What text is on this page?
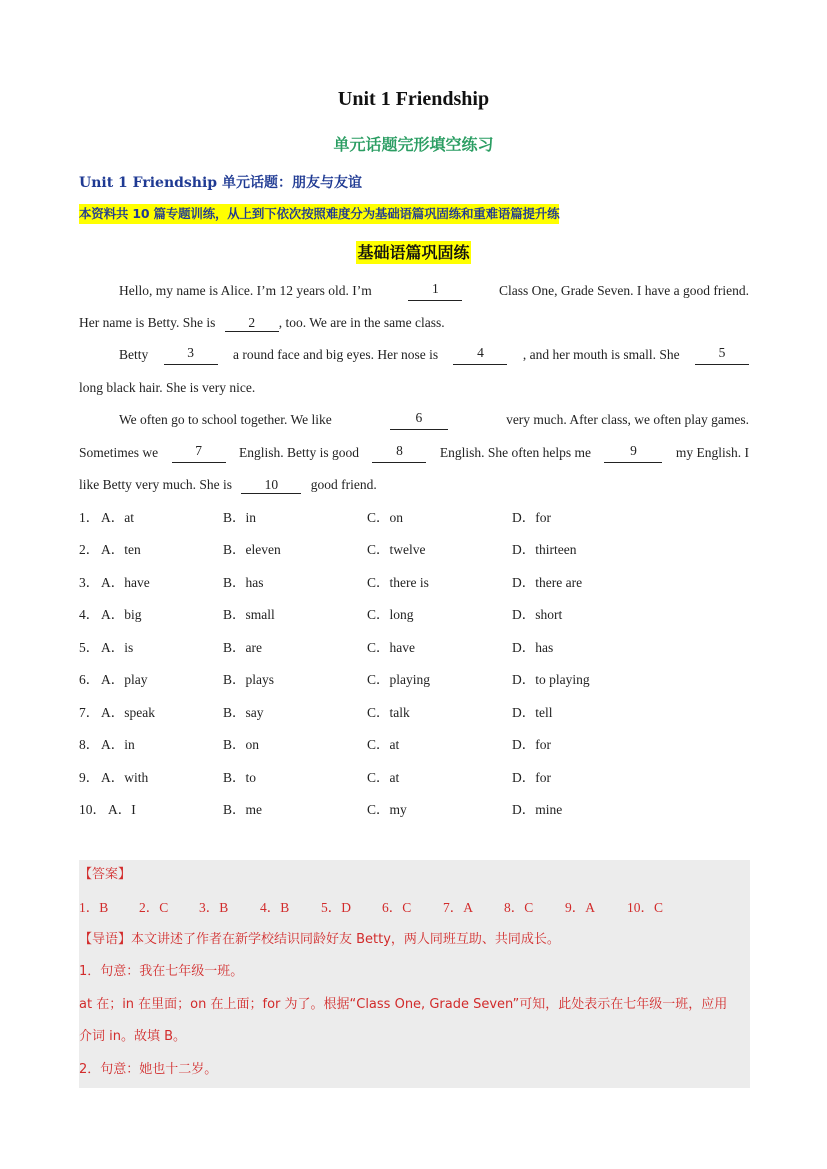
Unit 1 Friendship
单元话题完形填空练习
Unit 1 Friendship 单元话题：朋友与友谊
本资料共 10 篇专题训练，从上到下依次按照难度分为基础语篇巩固练和重难语篇提升练
基础语篇巩固练
Hello, my name is Alice. I’m 12 years old. I’m	1	Class One, Grade Seven. I have a good friend.
Her name is Betty. She is 2 , too. We are in the same class.
Betty	3	a round face and big eyes. Her nose is	4	, and her mouth is small. She	5
long black hair. She is very nice.
We often go to school together. We like	6	very much. After class, we often play games.
Sometimes we	7	English. Betty is good	8	English. She often helps me	9	my English. I
like Betty very much. She is 10 good friend.
1． A．at	B．in	C．on	D．for
2． A．ten	B．eleven	C．twelve	D．thirteen
3． A．have	B．has	C．there is	D．there are
4． A．big	B．small	C．long	D．short
5． A．is	B．are	C．have	D．has
6． A．play	B．plays	C．playing	D．to playing
7． A．speak	B．say	C．talk	D．tell
8． A．in	B．on	C．at	D．for
9． A．with	B．to	C．at	D．for
10． A．I	B．me	C．my	D．mine
【答案】
1．B 2．C 3．B 4．B 5．D 6．C 7．A 8．C 9．A 10．C
【导语】本文讲述了作者在新学校结识同龄好友 Betty，两人同班互助、共同成长。
1．句意：我在七年级一班。
at 在；in 在里面；on 在上面；for 为了。根据“Class One, Grade Seven”可知，此处表示在七年级一班，应用
介词 in。故填 B。
2．句意：她也十二岁。
